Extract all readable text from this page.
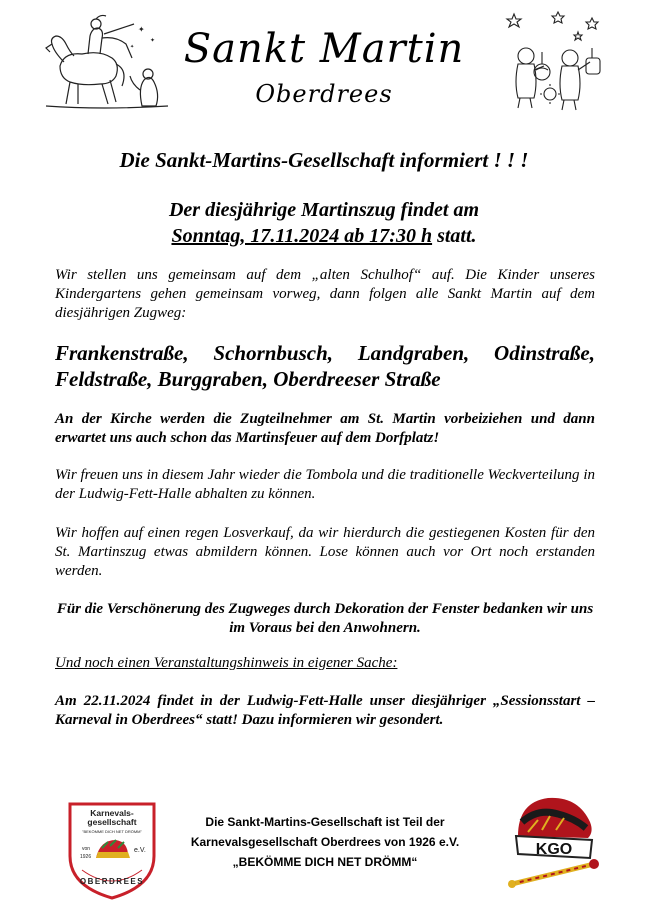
✦
✦
✦	Sankt Martin
Oberdrees
Die Sankt-Martins-Gesellschaft informiert ! ! !
Der diesjährige Martinszug findet am
Sonntag, 17.11.2024 ab 17:30 h statt.
Wir stellen uns gemeinsam auf dem „alten Schulhof“ auf. Die Kinder unseres Kindergartens gehen gemeinsam vorweg, dann folgen alle Sankt Martin auf dem diesjährigen Zugweg:
Frankenstraße, Schornbusch, Landgraben, Odinstraße, Feldstraße, Burggraben, Oberdreeser Straße
An der Kirche werden die Zugteilnehmer am St. Martin vorbeiziehen und dann erwartet uns auch schon das Martinsfeuer auf dem Dorfplatz!
Wir freuen uns in diesem Jahr wieder die Tombola und die traditionelle Weckverteilung in der Ludwig-Fett-Halle abhalten zu können.
Wir hoffen auf einen regen Losverkauf, da wir hierdurch die gestiegenen Kosten für den St. Martinszug etwas abmildern können. Lose können auch vor Ort noch erstanden werden.
Für die Verschönerung des Zugweges durch Dekoration der Fenster bedanken wir uns im Voraus bei den Anwohnern.
Und noch einen Veranstaltungshinweis in eigener Sache:
Am 22.11.2024 findet in der Ludwig-Fett-Halle unser diesjähriger „Sessionsstart – Karneval in Oberdrees“ statt! Dazu informieren wir gesondert.
Karnevals-
gesellschaft
"BEKÖMME DICH NET DRÖMM"
von
1926
e.V.
OBERDREES
Die Sankt-Martins-Gesellschaft ist Teil der
Karnevalsgesellschaft Oberdrees von 1926 e.V.
„BEKÖMME DICH NET DRÖMM“
KGO
